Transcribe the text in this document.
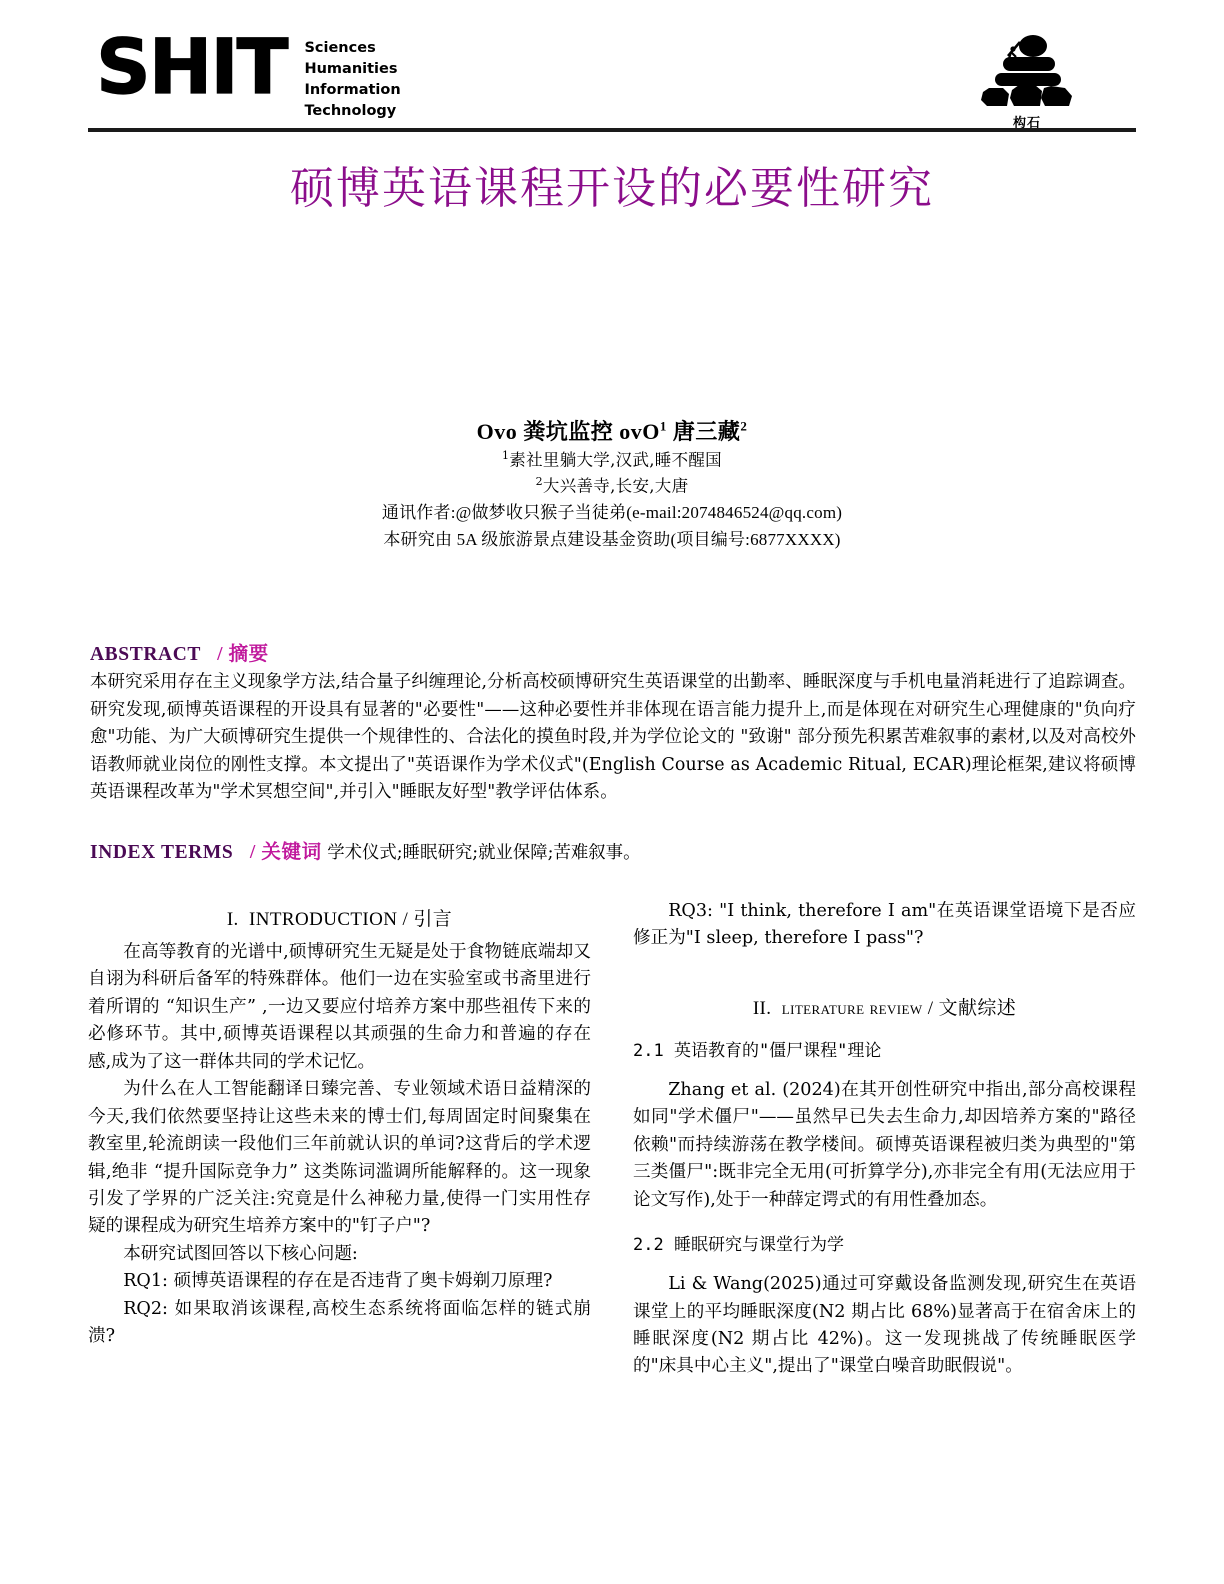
SHIT Sciences
Humanities
Information
Technology
构石
硕博英语课程开设的必要性研究
Ovo 粪坑监控 ovO$^1$ 唐三藏$^2$
$^1$素社里躺大学,汉武,睡不醒国
$^2$大兴善寺,长安,大唐
通讯作者:@做梦收只猴子当徒弟(e-mail:2074846524@qq.com)
本研究由 5A 级旅游景点建设基金资助(项目编号:6877XXXX)
ABSTRACT / 摘要
本研究采用存在主义现象学方法,结合量子纠缠理论,分析高校硕博研究生英语课堂的出勤率、睡眠深度与手机电量消耗进行了追踪调查。研究发现,硕博英语课程的开设具有显著的"必要性"——这种必要性并非体现在语言能力提升上,而是体现在对研究生心理健康的"负向疗愈"功能、为广大硕博研究生提供一个规律性的、合法化的摸鱼时段,并为学位论文的 "致谢" 部分预先积累苦难叙事的素材,以及对高校外语教师就业岗位的刚性支撑。本文提出了"英语课作为学术仪式"(English Course as Academic Ritual, ECAR)理论框架,建议将硕博英语课程改革为"学术冥想空间",并引入"睡眠友好型"教学评估体系。
INDEX TERMS / 关键词 学术仪式;睡眠研究;就业保障;苦难叙事。
I. INTRODUCTION / 引言

在高等教育的光谱中,硕博研究生无疑是处于食物链底端却又自诩为科研后备军的特殊群体。他们一边在实验室或书斋里进行着所谓的 “知识生产” ,一边又要应付培养方案中那些祖传下来的必修环节。其中,硕博英语课程以其顽强的生命力和普遍的存在感,成为了这一群体共同的学术记忆。

为什么在人工智能翻译日臻完善、专业领域术语日益精深的今天,我们依然要坚持让这些未来的博士们,每周固定时间聚集在教室里,轮流朗读一段他们三年前就认识的单词?这背后的学术逻辑,绝非 “提升国际竞争力” 这类陈词滥调所能解释的。这一现象引发了学界的广泛关注:究竟是什么神秘力量,使得一门实用性存疑的课程成为研究生培养方案中的"钉子户"?

本研究试图回答以下核心问题:

RQ1: 硕博英语课程的存在是否违背了奥卡姆剃刀原理?

RQ2: 如果取消该课程,高校生态系统将面临怎样的链式崩溃?

RQ3: "I think, therefore I am"在英语课堂语境下是否应修正为"I sleep, therefore I pass"?

II. literature review / 文献综述
2.1 英语教育的"僵尸课程"理论

Zhang et al. (2024)在其开创性研究中指出,部分高校课程如同"学术僵尸"——虽然早已失去生命力,却因培养方案的"路径依赖"而持续游荡在教学楼间。硕博英语课程被归类为典型的"第三类僵尸":既非完全无用(可折算学分),亦非完全有用(无法应用于论文写作),处于一种薛定谔式的有用性叠加态。

2.2 睡眠研究与课堂行为学

Li & Wang(2025)通过可穿戴设备监测发现,研究生在英语课堂上的平均睡眠深度(N2 期占比 68%)显著高于在宿舍床上的睡眠深度(N2 期占比 42%)。这一发现挑战了传统睡眠医学的"床具中心主义",提出了"课堂白噪音助眠假说"。
